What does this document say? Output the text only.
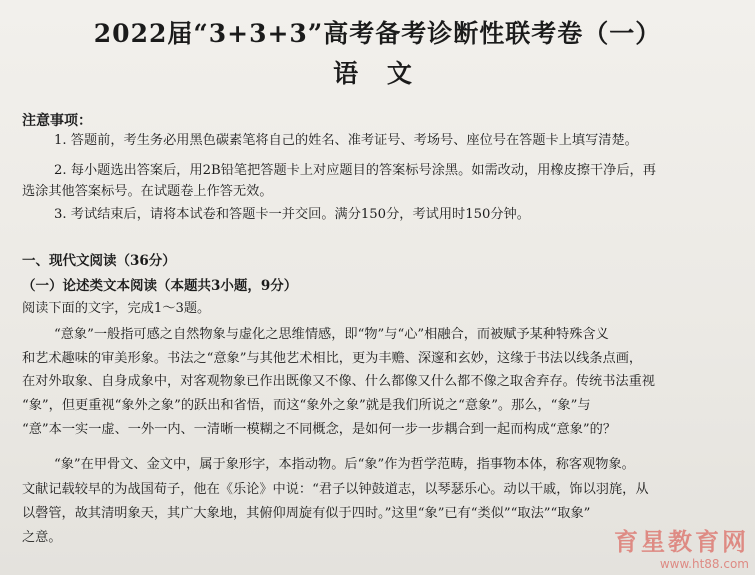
2022届“3+3+3”高考备考诊断性联考卷（一）
语 文
注意事项：
1. 答题前，考生务必用黑色碳素笔将自己的姓名、准考证号、考场号、座位号在答题卡上填写清楚。
2. 每小题选出答案后，用2B铅笔把答题卡上对应题目的答案标号涂黑。如需改动，用橡皮擦干净后，再
选涂其他答案标号。在试题卷上作答无效。
3. 考试结束后，请将本试卷和答题卡一并交回。满分150分，考试用时150分钟。
一、现代文阅读（36分）
（一）论述类文本阅读（本题共3小题，9分）
阅读下面的文字，完成1～3题。
“意象”一般指可感之自然物象与虚化之思维情感，即“物”与“心”相融合，而被赋予某种特殊含义
和艺术趣味的审美形象。书法之“意象”与其他艺术相比，更为丰赡、深邃和玄妙，这缘于书法以线条点画，
在对外取象、自身成象中，对客观物象已作出既像又不像、什么都像又什么都不像之取舍弃存。传统书法重视
“象”，但更重视“象外之象”的跃出和省悟，而这“象外之象”就是我们所说之“意象”。那么，“象”与
“意”本一实一虚、一外一内、一清晰一模糊之不同概念，是如何一步一步耦合到一起而构成“意象”的？
“象”在甲骨文、金文中，属于象形字，本指动物。后“象”作为哲学范畴，指事物本体，称客观物象。
文献记载较早的为战国荀子，他在《乐论》中说：“君子以钟鼓道志，以琴瑟乐心。动以干戚，饰以羽旄，从
以磬管，故其清明象天，其广大象地，其俯仰周旋有似于四时。”这里“象”已有“类似”“取法”“取象”
之意。	育星教育网
www.ht88.com
